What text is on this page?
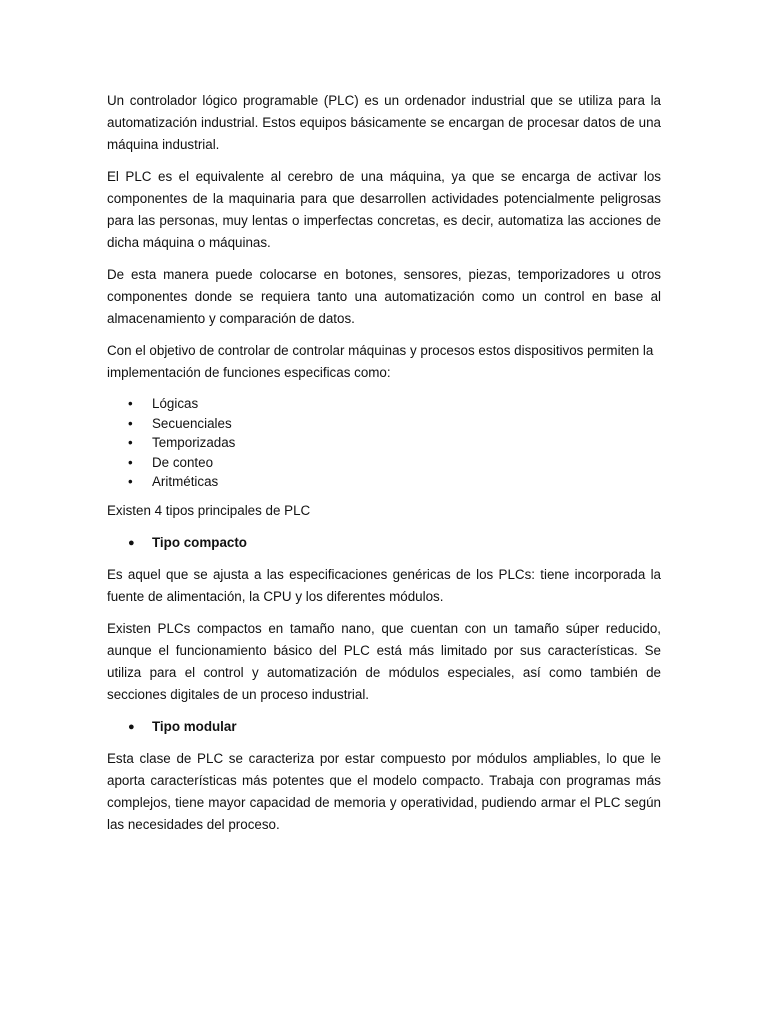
Un controlador lógico programable (PLC) es un ordenador industrial que se utiliza para la automatización industrial. Estos equipos básicamente se encargan de procesar datos de una máquina industrial.

El PLC es el equivalente al cerebro de una máquina, ya que se encarga de activar los componentes de la maquinaria para que desarrollen actividades potencialmente peligrosas para las personas, muy lentas o imperfectas concretas, es decir, automatiza las acciones de dicha máquina o máquinas.

De esta manera puede colocarse en botones, sensores, piezas, temporizadores u otros componentes donde se requiera tanto una automatización como un control en base al almacenamiento y comparación de datos.

Con el objetivo de controlar de controlar máquinas y procesos estos dispositivos permiten la implementación de funciones especificas como:

• Lógicas
• Secuenciales
• Temporizadas
• De conteo
• Aritméticas

Existen 4 tipos principales de PLC

● Tipo compacto

Es aquel que se ajusta a las especificaciones genéricas de los PLCs: tiene incorporada la fuente de alimentación, la CPU y los diferentes módulos.

Existen PLCs compactos en tamaño nano, que cuentan con un tamaño súper reducido, aunque el funcionamiento básico del PLC está más limitado por sus características. Se utiliza para el control y automatización de módulos especiales, así como también de secciones digitales de un proceso industrial.

● Tipo modular

Esta clase de PLC se caracteriza por estar compuesto por módulos ampliables, lo que le aporta características más potentes que el modelo compacto. Trabaja con programas más complejos, tiene mayor capacidad de memoria y operatividad, pudiendo armar el PLC según las necesidades del proceso.
